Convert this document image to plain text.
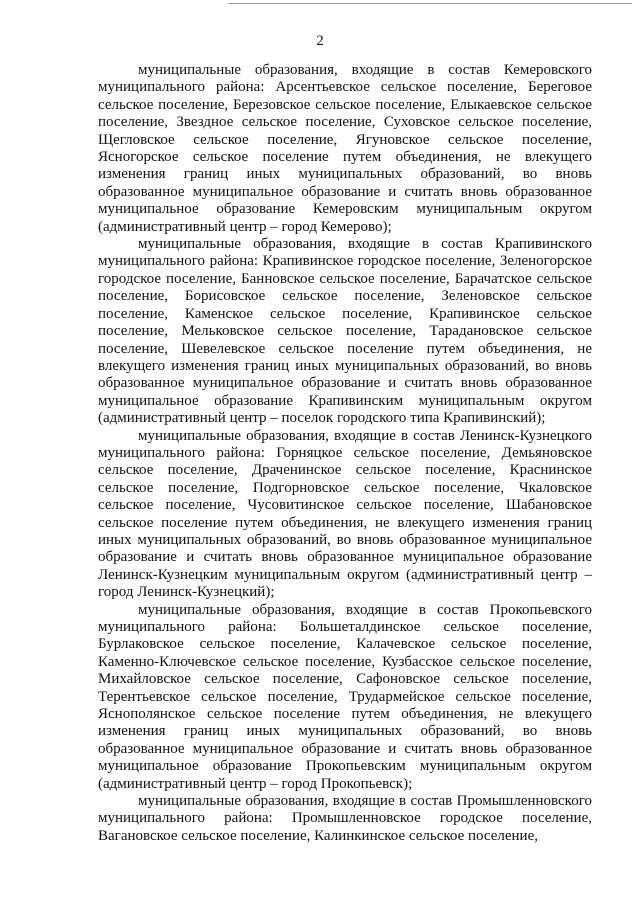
2

муниципальные образования, входящие в состав Кемеровского муниципального района: Арсентьевское сельское поселение, Береговое сельское поселение, Березовское сельское поселение, Елыкаевское сельское поселение, Звездное сельское поселение, Суховское сельское поселение, Щегловское сельское поселение, Ягуновское сельское поселение, Ясногорское сельское поселение путем объединения, не влекущего изменения границ иных муниципальных образований, во вновь образованное муниципальное образование и считать вновь образованное муниципальное образование Кемеровским муниципальным округом (административный центр – город Кемерово);

муниципальные образования, входящие в состав Крапивинского муниципального района: Крапивинское городское поселение, Зеленогорское городское поселение, Банновское сельское поселение, Барачатское сельское поселение, Борисовское сельское поселение, Зеленовское сельское поселение, Каменское сельское поселение, Крапивинское сельское поселение, Мельковское сельское поселение, Тарадановское сельское поселение, Шевелевское сельское поселение путем объединения, не влекущего изменения границ иных муниципальных образований, во вновь образованное муниципальное образование и считать вновь образованное муниципальное образование Крапивинским муниципальным округом (административный центр – поселок городского типа Крапивинский);

муниципальные образования, входящие в состав Ленинск-Кузнецкого муниципального района: Горняцкое сельское поселение, Демьяновское сельское поселение, Драченинское сельское поселение, Краснинское сельское поселение, Подгорновское сельское поселение, Чкаловское сельское поселение, Чусовитинское сельское поселение, Шабановское сельское поселение путем объединения, не влекущего изменения границ иных муниципальных образований, во вновь образованное муниципальное образование и считать вновь образованное муниципальное образование Ленинск-Кузнецким муниципальным округом (административный центр – город Ленинск-Кузнецкий);

муниципальные образования, входящие в состав Прокопьевского муниципального района: Большеталдинское сельское поселение, Бурлаковское сельское поселение, Калачевское сельское поселение, Каменно-Ключевское сельское поселение, Кузбасское сельское поселение, Михайловское сельское поселение, Сафоновское сельское поселение, Терентьевское сельское поселение, Трудармейское сельское поселение, Яснополянское сельское поселение путем объединения, не влекущего изменения границ иных муниципальных образований, во вновь образованное муниципальное образование и считать вновь образованное муниципальное образование Прокопьевским муниципальным округом (административный центр – город Прокопьевск);

муниципальные образования, входящие в состав Промышленновского муниципального района: Промышленновское городское поселение, Вагановское сельское поселение, Калинкинское сельское поселение,
